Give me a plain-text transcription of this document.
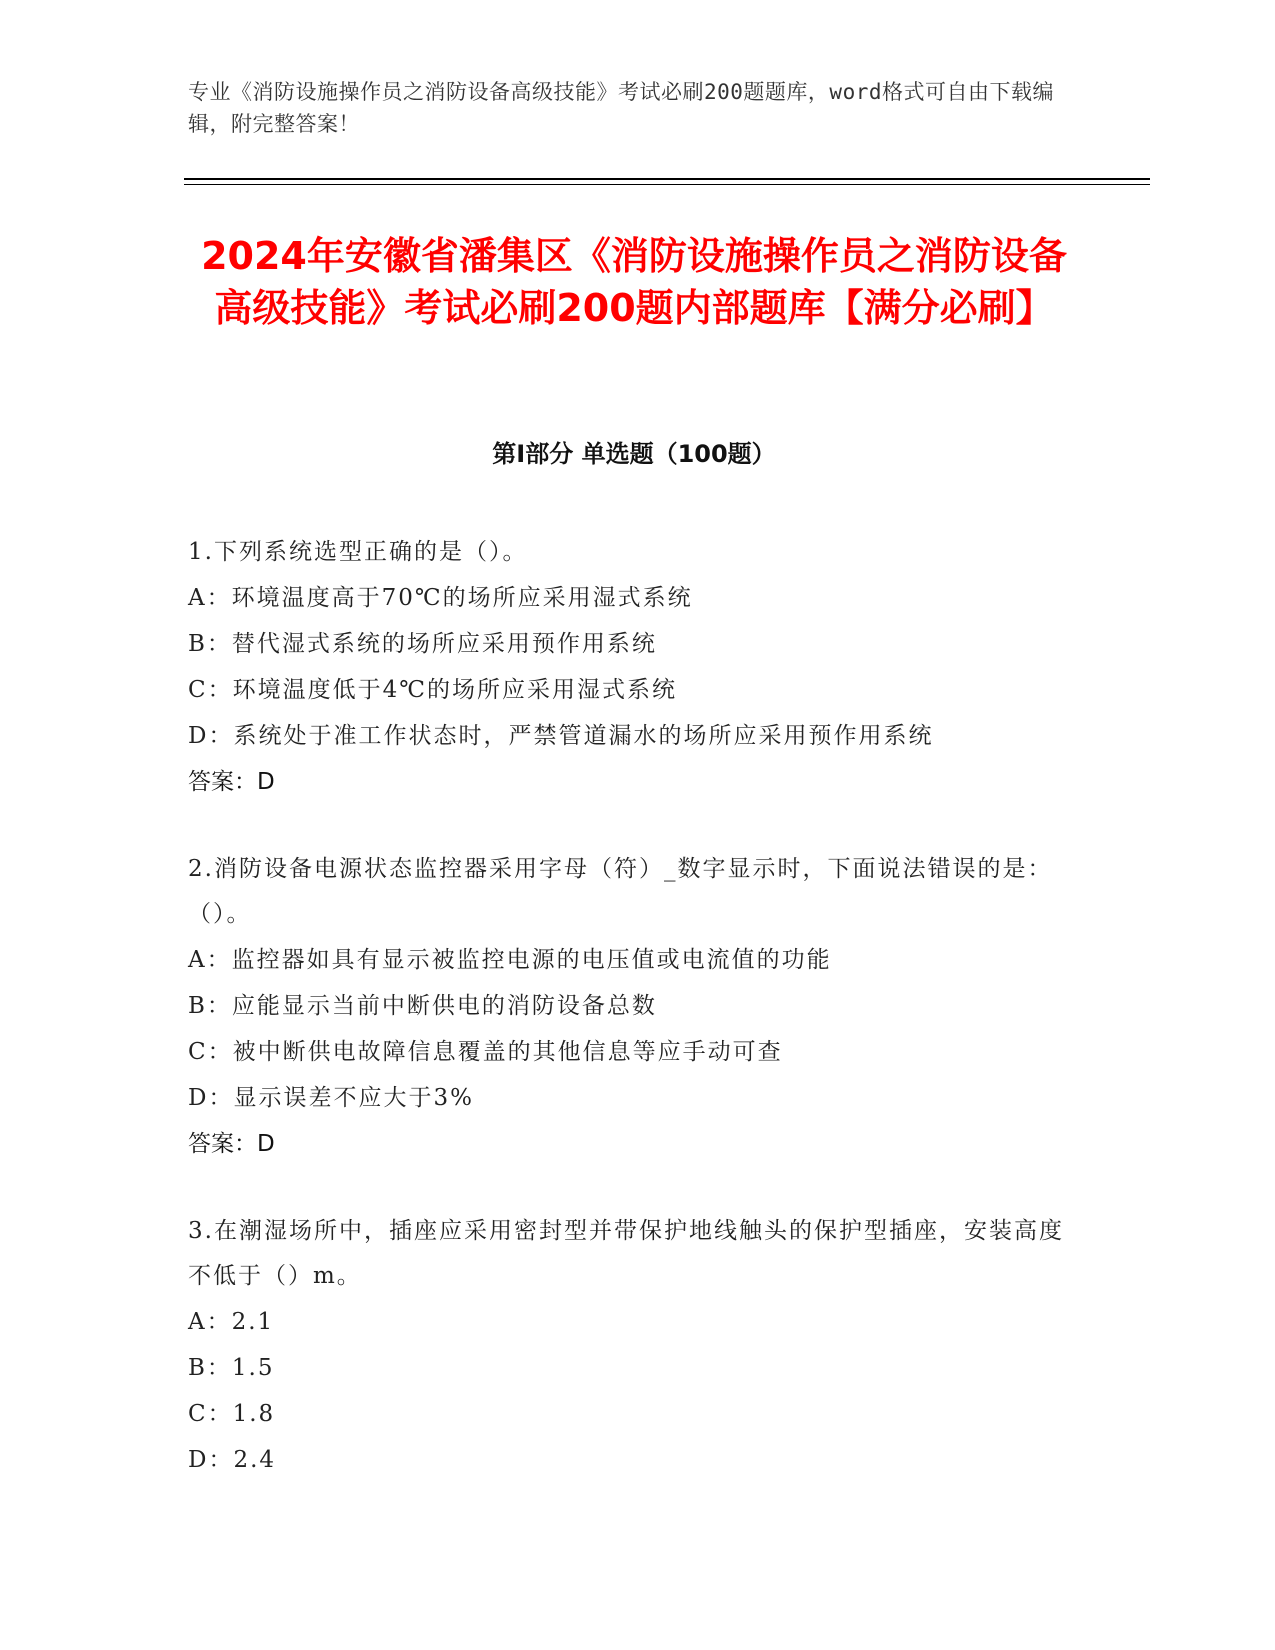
专业《消防设施操作员之消防设备高级技能》考试必刷200题题库，word格式可自由下载编辑，附完整答案！
2024年安徽省潘集区《消防设施操作员之消防设备高级技能》考试必刷200题内部题库【满分必刷】
第I部分 单选题（100题）
1.下列系统选型正确的是（）。
A：环境温度高于70℃的场所应采用湿式系统
B：替代湿式系统的场所应采用预作用系统
C：环境温度低于4℃的场所应采用湿式系统
D：系统处于准工作状态时，严禁管道漏水的场所应采用预作用系统
答案：D
2.消防设备电源状态监控器采用字母（符）_数字显示时，下面说法错误的是：（）。
A：监控器如具有显示被监控电源的电压值或电流值的功能
B：应能显示当前中断供电的消防设备总数
C：被中断供电故障信息覆盖的其他信息等应手动可查
D：显示误差不应大于3%
答案：D
3.在潮湿场所中，插座应采用密封型并带保护地线触头的保护型插座，安装高度不低于（）m。
A：2.1
B：1.5
C：1.8
D：2.4
